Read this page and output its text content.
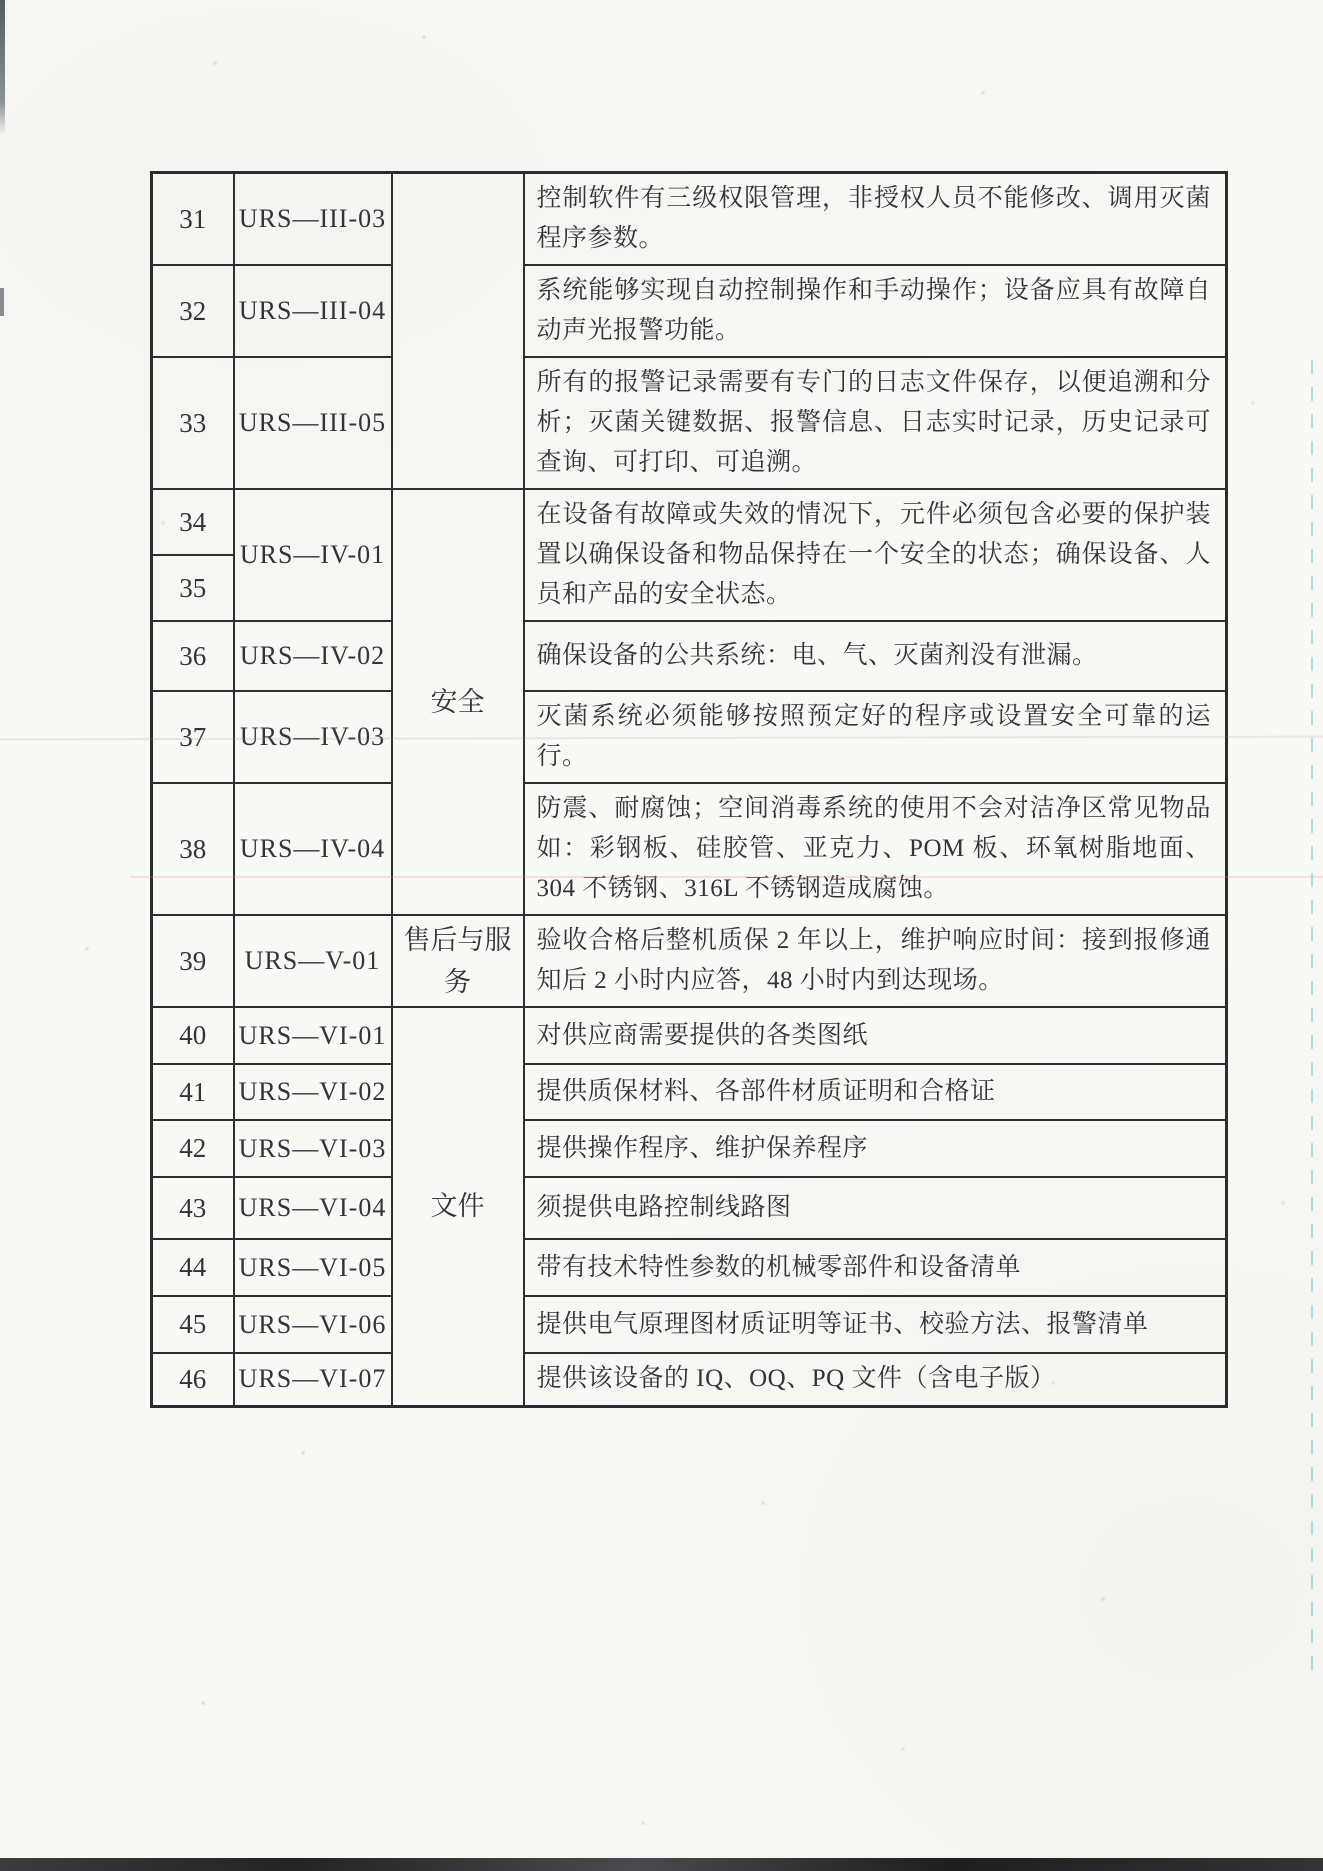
31	URS—III-03		控制软件有三级权限管理，非授权人员不能修改、调用灭菌程序参数。
32	URS—III-04		系统能够实现自动控制操作和手动操作；设备应具有故障自动声光报警功能。
33	URS—III-05		所有的报警记录需要有专门的日志文件保存，以便追溯和分析；灭菌关键数据、报警信息、日志实时记录，历史记录可查询、可打印、可追溯。
34	URS—IV-01	安全	在设备有故障或失效的情况下，元件必须包含必要的保护装置以确保设备和物品保持在一个安全的状态；确保设备、人员和产品的安全状态。
35			
36	URS—IV-02		确保设备的公共系统：电、气、灭菌剂没有泄漏。
37	URS—IV-03		灭菌系统必须能够按照预定好的程序或设置安全可靠的运行。
38	URS—IV-04		防震、耐腐蚀；空间消毒系统的使用不会对洁净区常见物品如：彩钢板、硅胶管、亚克力、POM 板、环氧树脂地面、304 不锈钢、316L 不锈钢造成腐蚀。
39	URS—V-01	售后与服务	验收合格后整机质保 2 年以上，维护响应时间：接到报修通知后 2 小时内应答，48 小时内到达现场。
40	URS—VI-01	文件	对供应商需要提供的各类图纸
41	URS—VI-02		提供质保材料、各部件材质证明和合格证
42	URS—VI-03		提供操作程序、维护保养程序
43	URS—VI-04		须提供电路控制线路图
44	URS—VI-05		带有技术特性参数的机械零部件和设备清单
45	URS—VI-06		提供电气原理图材质证明等证书、校验方法、报警清单
46	URS—VI-07		提供该设备的 IQ、OQ、PQ 文件（含电子版）
